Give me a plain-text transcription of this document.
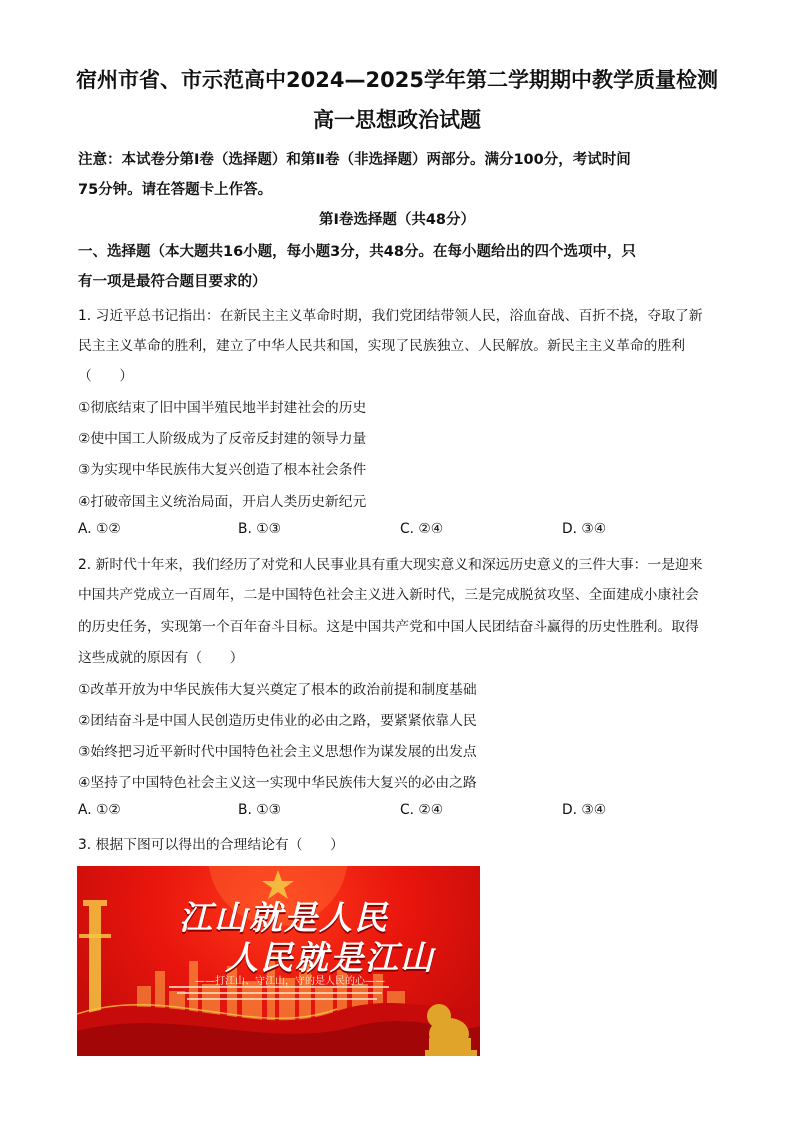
宿州市省、市示范高中2024—2025学年第二学期期中教学质量检测
高一思想政治试题
注意：本试卷分第Ⅰ卷（选择题）和第Ⅱ卷（非选择题）两部分。满分100分，考试时间
75分钟。请在答题卡上作答。
第Ⅰ卷选择题（共48分）
一、选择题（本大题共16小题，每小题3分，共48分。在每小题给出的四个选项中，只
有一项是最符合题目要求的）
1. 习近平总书记指出：在新民主主义革命时期，我们党团结带领人民，浴血奋战、百折不挠，夺取了新
民主主义革命的胜利，建立了中华人民共和国，实现了民族独立、人民解放。新民主主义革命的胜利
（　　）
①彻底结束了旧中国半殖民地半封建社会的历史
②使中国工人阶级成为了反帝反封建的领导力量
③为实现中华民族伟大复兴创造了根本社会条件
④打破帝国主义统治局面，开启人类历史新纪元
A. ①②	B. ①③	C. ②④	D. ③④
2. 新时代十年来，我们经历了对党和人民事业具有重大现实意义和深远历史意义的三件大事：一是迎来
中国共产党成立一百周年，二是中国特色社会主义进入新时代，三是完成脱贫攻坚、全面建成小康社会
的历史任务，实现第一个百年奋斗目标。这是中国共产党和中国人民团结奋斗赢得的历史性胜利。取得
这些成就的原因有（　　）
①改革开放为中华民族伟大复兴奠定了根本的政治前提和制度基础
②团结奋斗是中国人民创造历史伟业的必由之路，要紧紧依靠人民
③始终把习近平新时代中国特色社会主义思想作为谋发展的出发点
④坚持了中国特色社会主义这一实现中华民族伟大复兴的必由之路
A. ①②	B. ①③	C. ②④	D. ③④
3. 根据下图可以得出的合理结论有（　　）
江山就是人民
人民就是江山
——打江山、守江山，守的是人民的心——
